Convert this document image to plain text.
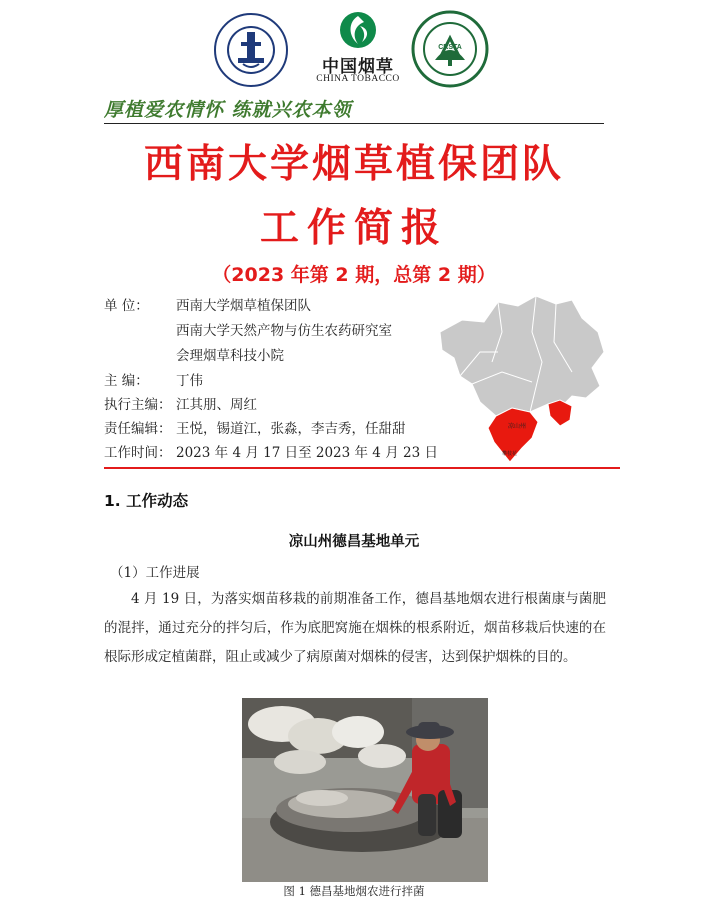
中国烟草
CHINA TOBACCO
CRSTA
厚植爱农情怀 练就兴农本领
西南大学烟草植保团队
工作简报
（2023 年第 2 期，总第 2 期）
单 位： 西南大学烟草植保团队
西南大学天然产物与仿生农药研究室
会理烟草科技小院
主 编： 丁伟
执行主编： 江其朋、周红
责任编辑： 王悦，锡道江，张淼，李吉秀，任甜甜
工作时间： 2023 年 4 月 17 日至 2023 年 4 月 23 日
凉山州
攀枝花
1. 工作动态
凉山州德昌基地单元
（1）工作进展
4 月 19 日，为落实烟苗移栽的前期准备工作，德昌基地烟农进行根菌康与菌肥的混拌，通过充分的拌匀后，作为底肥窝施在烟株的根系附近，烟苗移栽后快速的在根际形成定植菌群，阻止或减少了病原菌对烟株的侵害，达到保护烟株的目的。
图 1 德昌基地烟农进行拌菌
